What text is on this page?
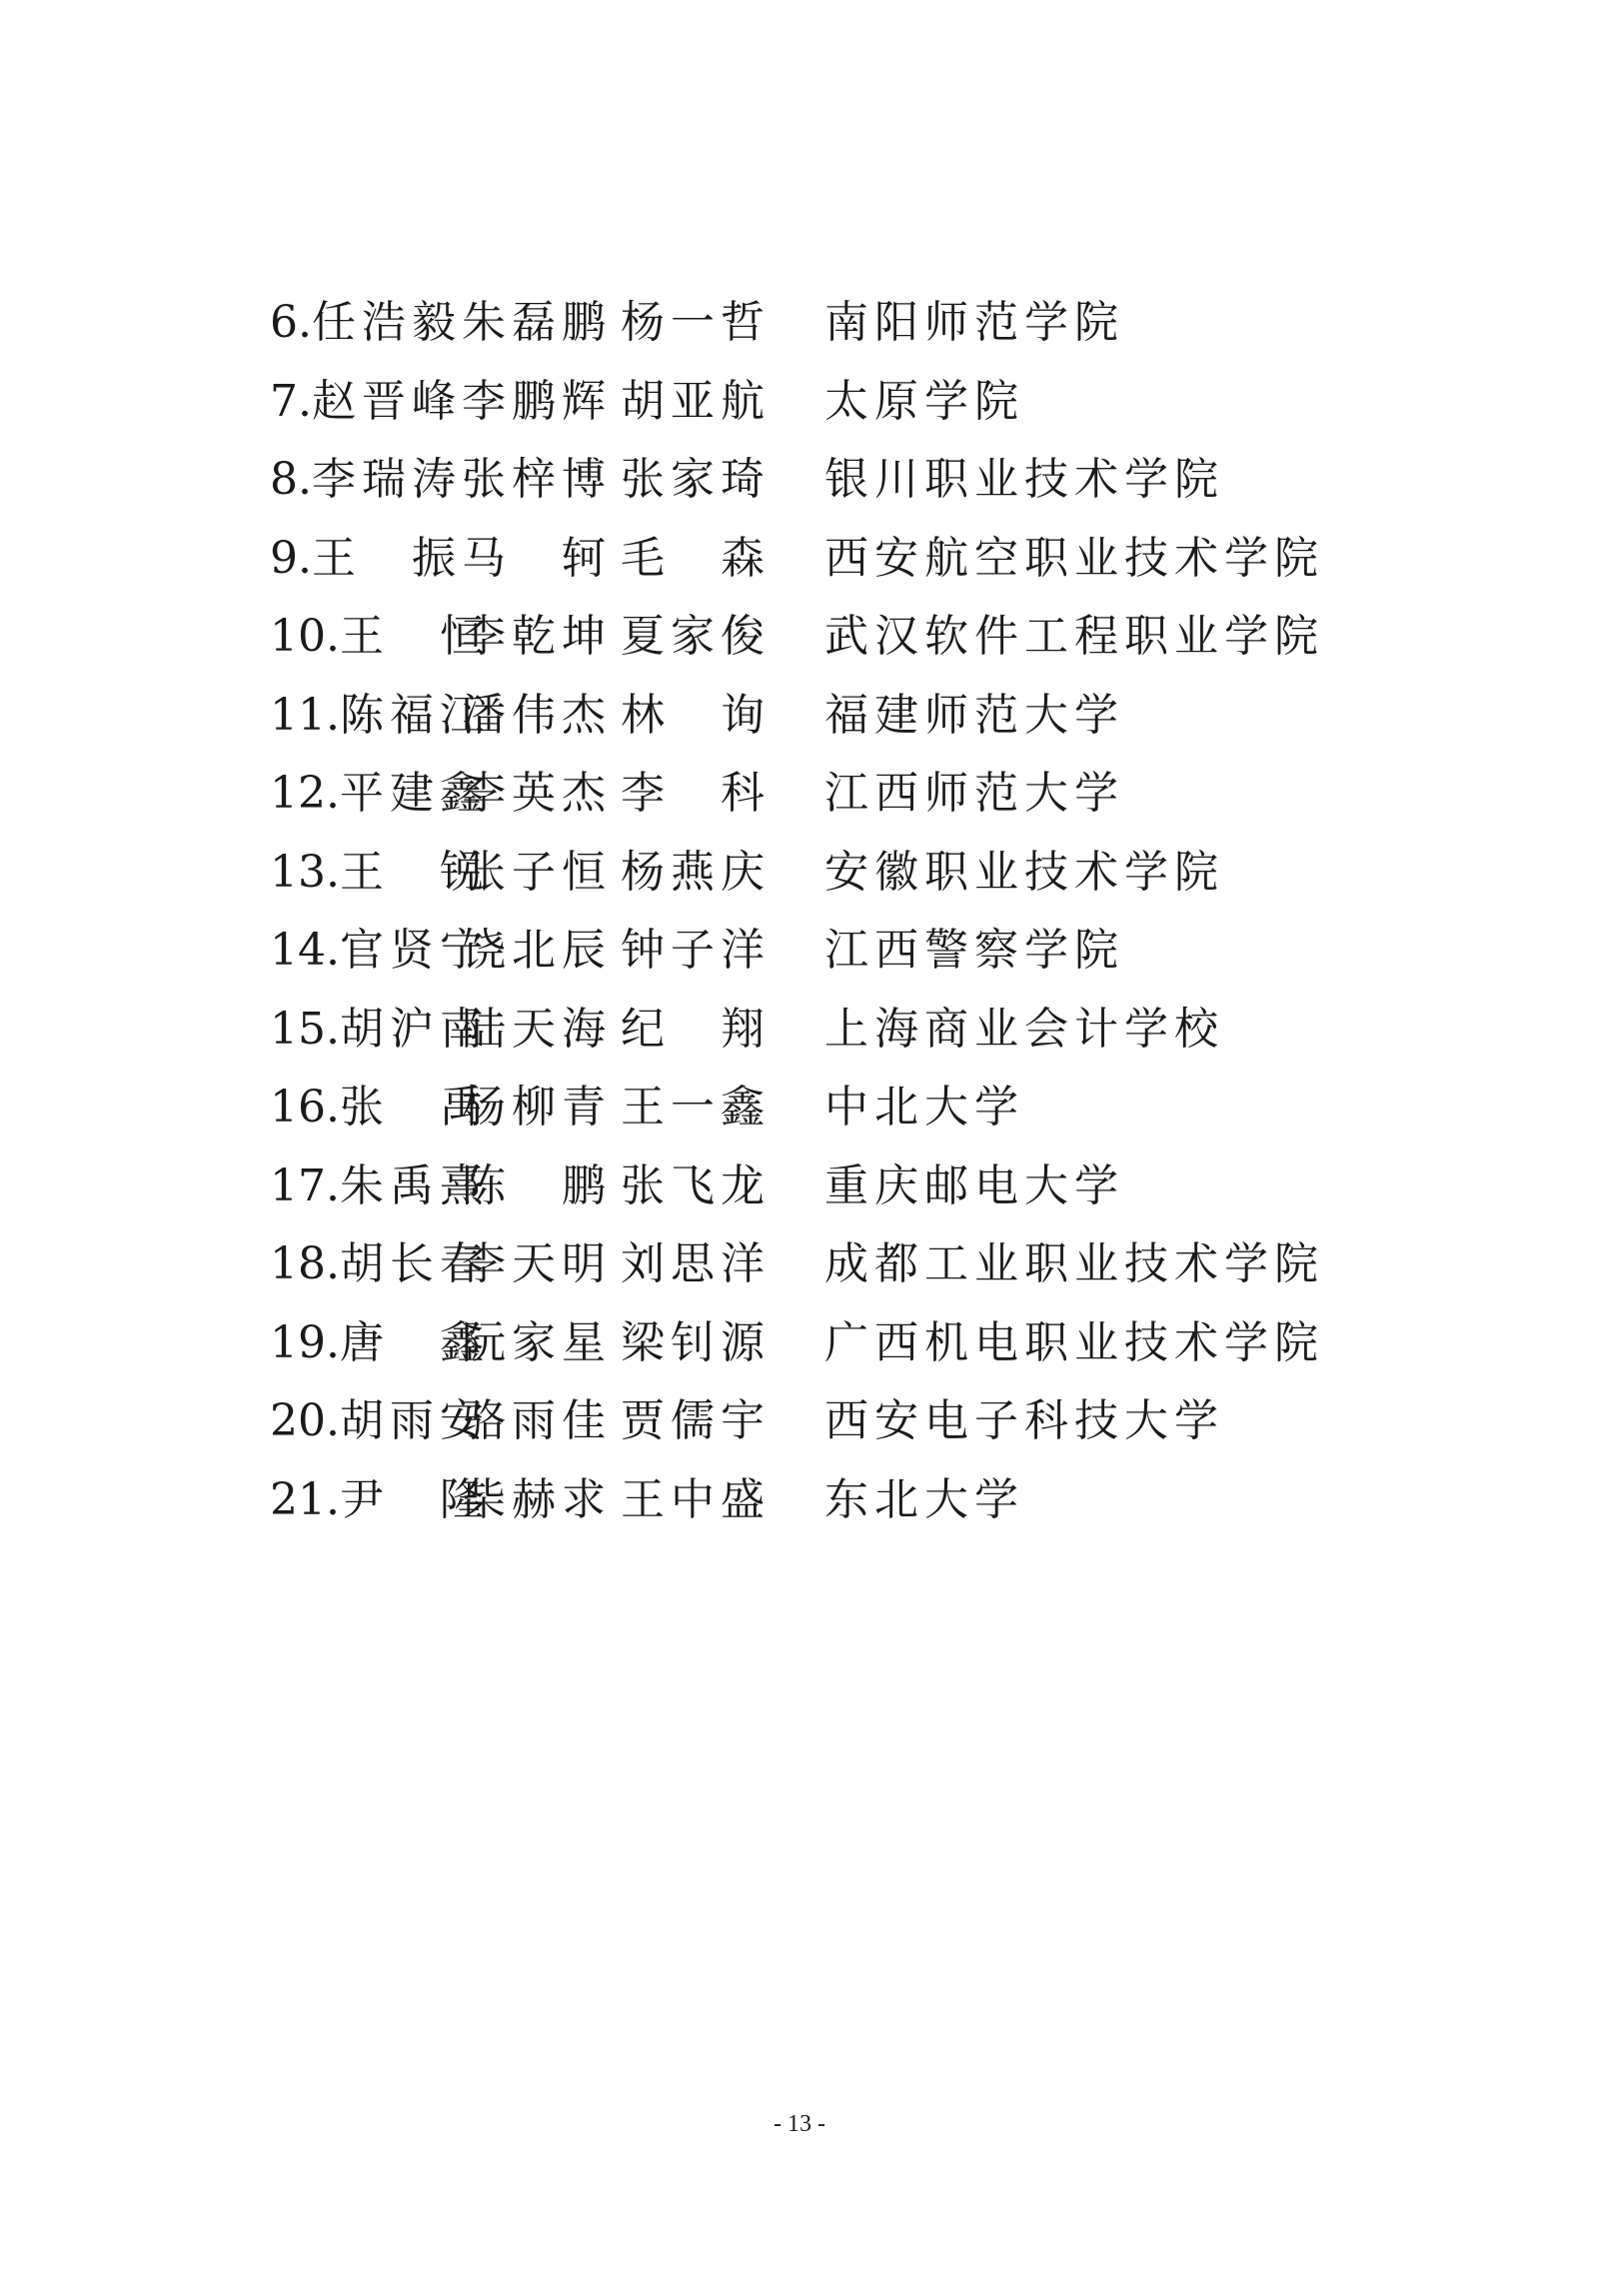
6.任浩毅 朱磊鹏 杨一哲 南阳师范学院
7.赵晋峰 李鹏辉 胡亚航 太原学院
8.李瑞涛 张梓博 张家琦 银川职业技术学院
9.王　振 马　轲 毛　森 西安航空职业技术学院
10.王　恒
李乾坤 夏家俊 武汉软件工程职业学院
11.陈福江
潘伟杰 林　询 福建师范大学
12.平建鑫
李英杰 李　科 江西师范大学
13.王　锐
张子恒 杨燕庆 安徽职业技术学院
14.官贤宁
饶北辰 钟子洋 江西警察学院
15.胡沪南
陆天海 纪　翔 上海商业会计学校
16.张　禹
杨柳青 王一鑫 中北大学
17.朱禹熹
陈　鹏 张飞龙 重庆邮电大学
18.胡长春
李天明 刘思洋 成都工业职业技术学院
19.唐　鑫
阮家星 梁钊源 广西机电职业技术学院
20.胡雨安
骆雨佳 贾儒宇 西安电子科技大学
21.尹　隆
柴赫求 王中盛 东北大学
- 13 -
